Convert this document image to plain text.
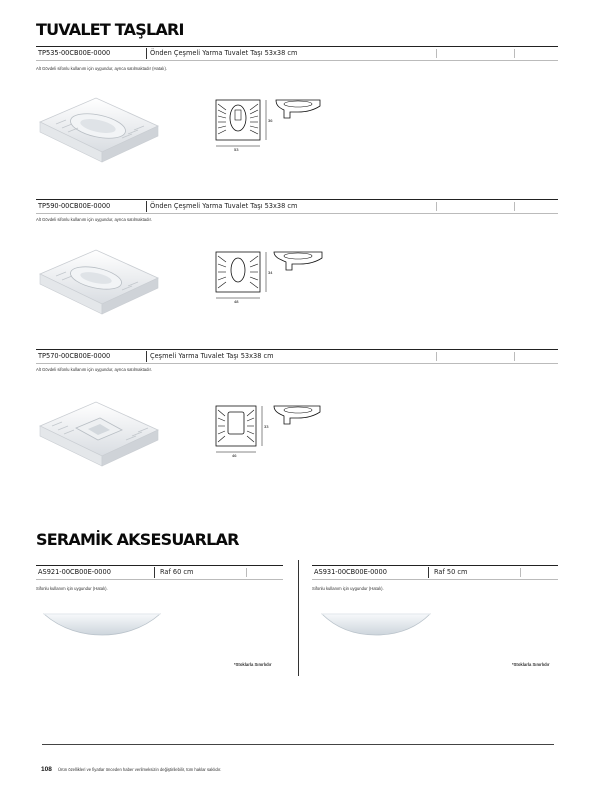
TUVALET TAŞLARI
TP535-00CB00E-0000	Önden Çeşmeli Yarma Tuvalet Taşı 53x38 cm
Alt Gövdeli sifonlu kullanım için uygundur, ayrıca satılmaktadır (Hatalı).
53
36
TP590-00CB00E-0000	Önden Çeşmeli Yarma Tuvalet Taşı 53x38 cm
Alt Gövdeli sifonlu kullanım için uygundur, ayrıca satılmaktadır.
48
34
TP570-00CB00E-0000	Çeşmeli Yarma Tuvalet Taşı 53x38 cm
Alt Gövdeli sifonlu kullanım için uygundur, ayrıca satılmaktadır.
46
33
SERAMİK AKSESUARLAR
AS921-00CB00E-0000	Raf 60 cm
Sifonlu kullanım için uygundur (Hatalı).
*Stoklarla Sınırlıdır
AS931-00CB00E-0000	Raf 50 cm
Sifonlu kullanım için uygundur (Hatalı).
*Stoklarla Sınırlıdır
108 Ürün özellikleri ve fiyatlar önceden haber verilmeksizin değiştirilebilir, tüm haklar saklıdır.
